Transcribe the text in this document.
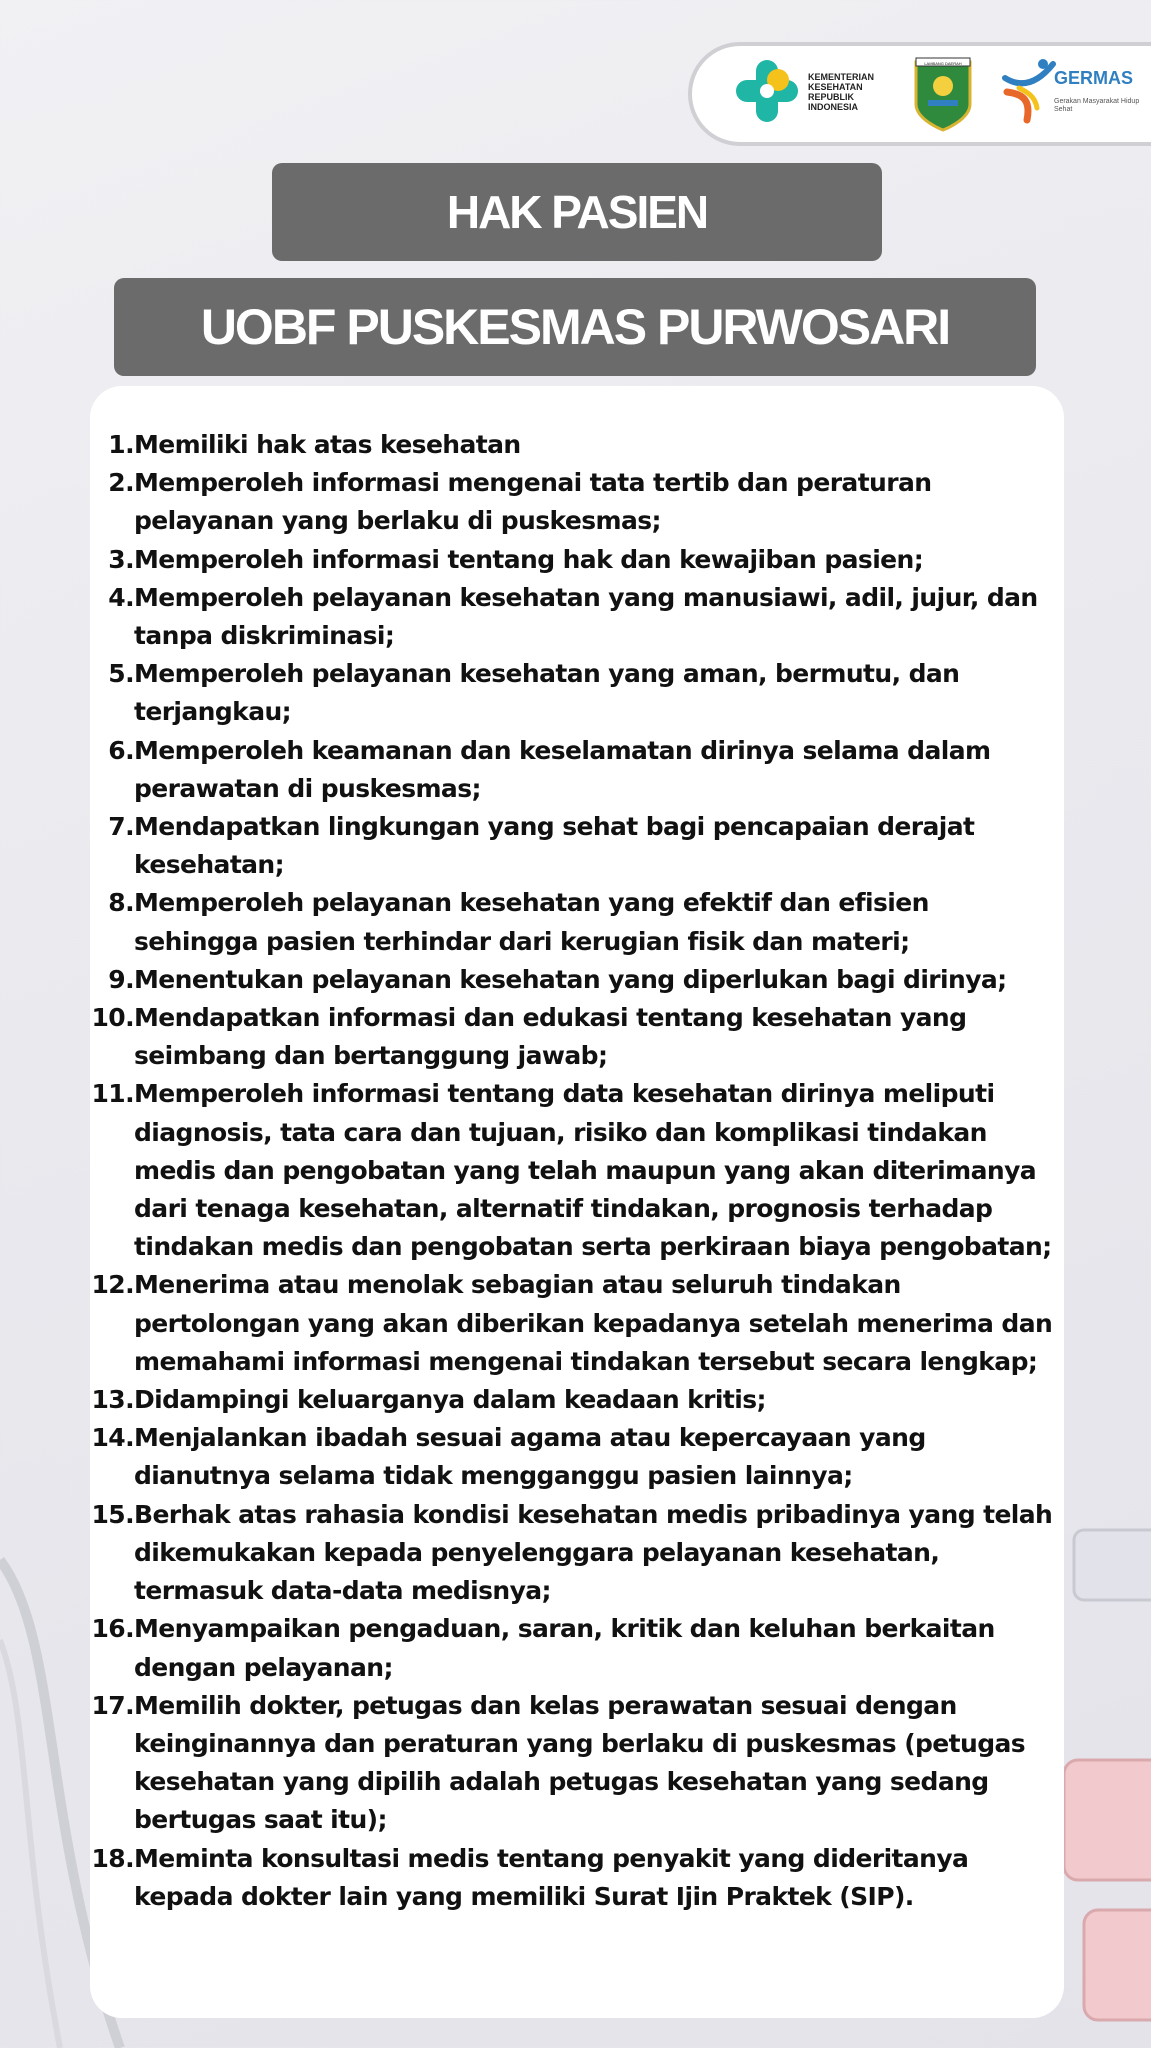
KEMENTERIAN
KESEHATAN
REPUBLIK
INDONESIA
LAMBANG DAERAH
GERMAS
Gerakan Masyarakat Hidup Sehat
HAK PASIEN
UOBF PUSKESMAS PURWOSARI
1. Memiliki hak atas kesehatan
2. Memperoleh informasi mengenai tata tertib dan peraturan pelayanan yang berlaku di puskesmas;
3. Memperoleh informasi tentang hak dan kewajiban pasien;
4. Memperoleh pelayanan kesehatan yang manusiawi, adil, jujur, dan tanpa diskriminasi;
5. Memperoleh pelayanan kesehatan yang aman, bermutu, dan terjangkau;
6. Memperoleh keamanan dan keselamatan dirinya selama dalam perawatan di puskesmas;
7. Mendapatkan lingkungan yang sehat bagi pencapaian derajat kesehatan;
8. Memperoleh pelayanan kesehatan yang efektif dan efisien sehingga pasien terhindar dari kerugian fisik dan materi;
9. Menentukan pelayanan kesehatan yang diperlukan bagi dirinya;
10. Mendapatkan informasi dan edukasi tentang kesehatan yang seimbang dan bertanggung jawab;
11. Memperoleh informasi tentang data kesehatan dirinya meliputi diagnosis, tata cara dan tujuan, risiko dan komplikasi tindakan medis dan pengobatan yang telah maupun yang akan diterimanya dari tenaga kesehatan, alternatif tindakan, prognosis terhadap tindakan medis dan pengobatan serta perkiraan biaya pengobatan;
12. Menerima atau menolak sebagian atau seluruh tindakan pertolongan yang akan diberikan kepadanya setelah menerima dan memahami informasi mengenai tindakan tersebut secara lengkap;
13. Didampingi keluarganya dalam keadaan kritis;
14. Menjalankan ibadah sesuai agama atau kepercayaan yang dianutnya selama tidak mengganggu pasien lainnya;
15. Berhak atas rahasia kondisi kesehatan medis pribadinya yang telah dikemukakan kepada penyelenggara pelayanan kesehatan, termasuk data-data medisnya;
16. Menyampaikan pengaduan, saran, kritik dan keluhan berkaitan dengan pelayanan;
17. Memilih dokter, petugas dan kelas perawatan sesuai dengan keinginannya dan peraturan yang berlaku di puskesmas (petugas kesehatan yang dipilih adalah petugas kesehatan yang sedang bertugas saat itu);
18. Meminta konsultasi medis tentang penyakit yang dideritanya kepada dokter lain yang memiliki Surat Ijin Praktek (SIP).
